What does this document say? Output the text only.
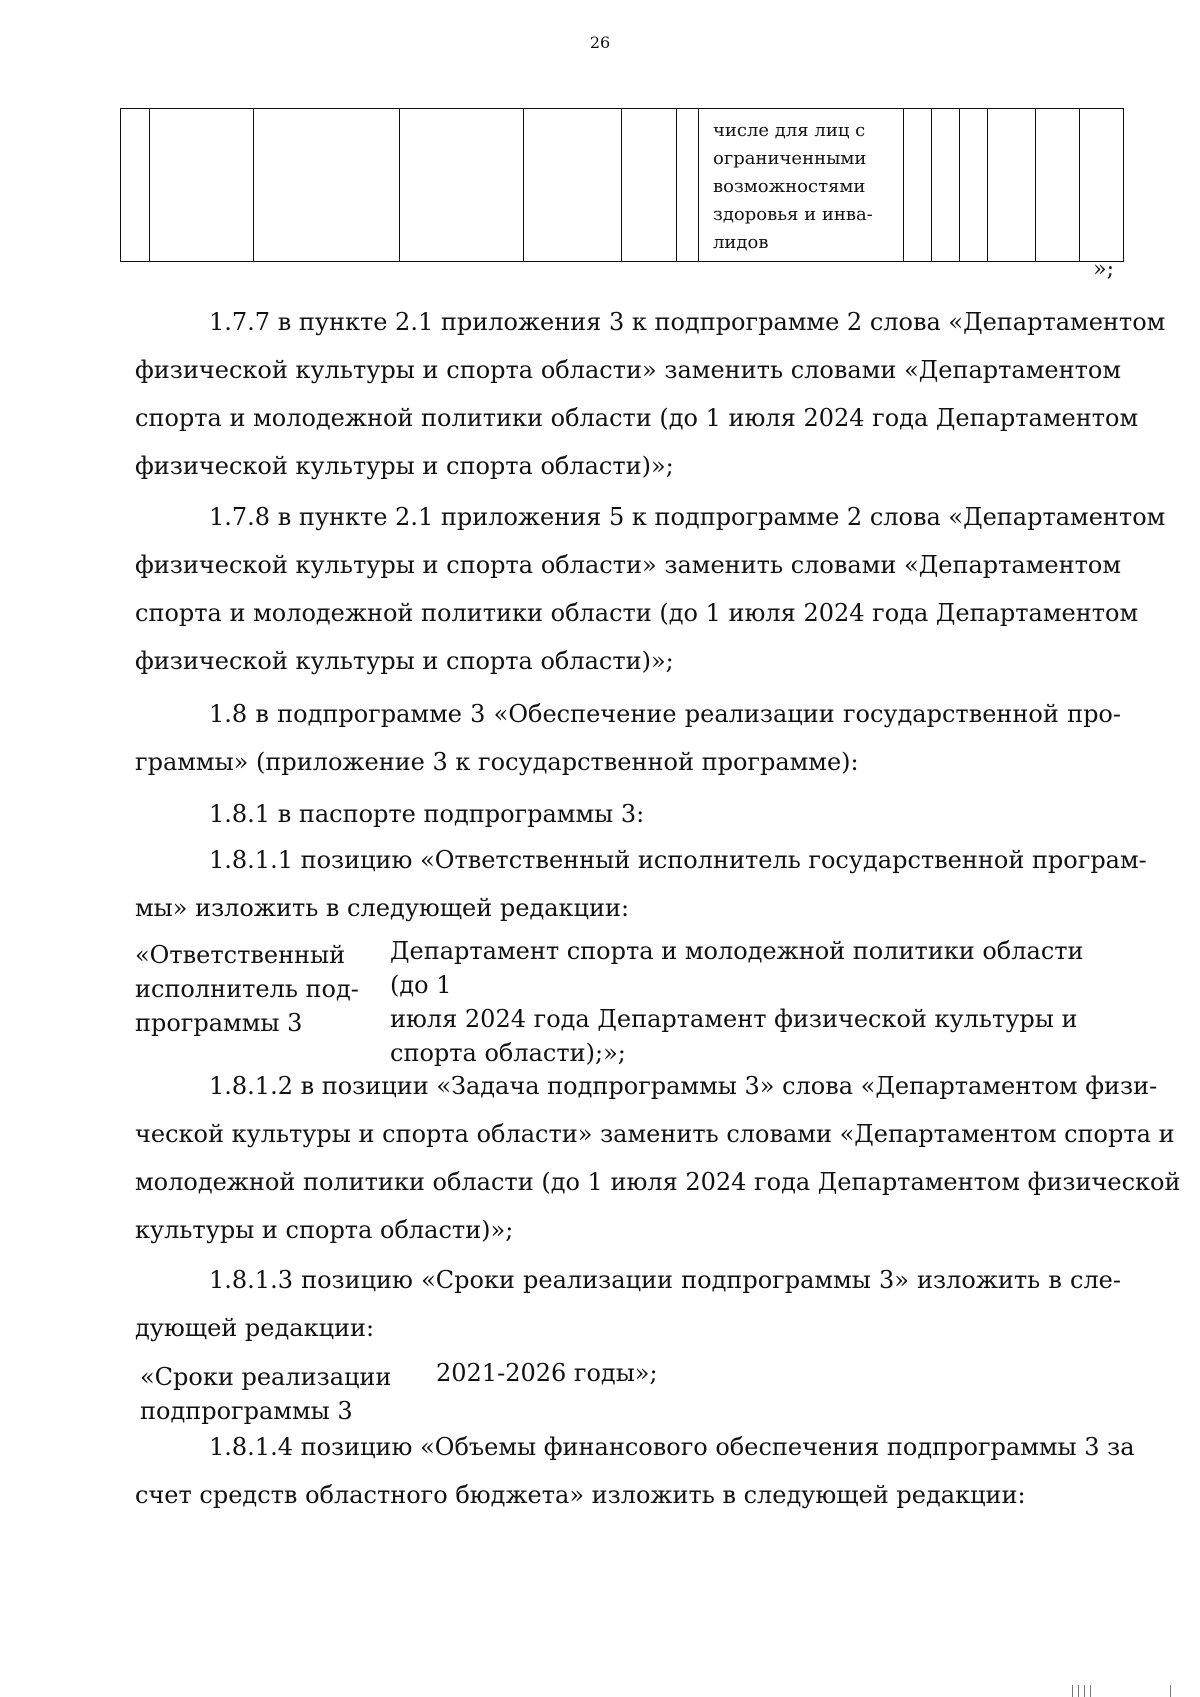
26
числе для лиц с
ограниченными
возможностями
здоровья и инва-
лидов
»;
1.7.7 в пункте 2.1 приложения 3 к подпрограмме 2 слова «Департаментом
физической культуры и спорта области» заменить словами «Департаментом
спорта и молодежной политики области (до 1 июля 2024 года Департаментом
физической культуры и спорта области)»;
1.7.8 в пункте 2.1 приложения 5 к подпрограмме 2 слова «Департаментом
физической культуры и спорта области» заменить словами «Департаментом
спорта и молодежной политики области (до 1 июля 2024 года Департаментом
физической культуры и спорта области)»;
1.8 в подпрограмме 3 «Обеспечение реализации государственной про-
граммы» (приложение 3 к государственной программе):
1.8.1 в паспорте подпрограммы 3:
1.8.1.1 позицию «Ответственный исполнитель государственной програм-
мы» изложить в следующей редакции:
«Ответственный
исполнитель под-
программы 3
Департамент спорта и молодежной политики области (до 1
июля 2024 года Департамент физической культуры и
спорта области);»;
1.8.1.2 в позиции «Задача подпрограммы 3» слова «Департаментом физи-
ческой культуры и спорта области» заменить словами «Департаментом спорта и
молодежной политики области (до 1 июля 2024 года Департаментом физической
культуры и спорта области)»;
1.8.1.3 позицию «Сроки реализации подпрограммы 3» изложить в сле-
дующей редакции:
«Сроки реализации
подпрограммы 3
2021-2026 годы»;
1.8.1.4 позицию «Объемы финансового обеспечения подпрограммы 3 за
счет средств областного бюджета» изложить в следующей редакции:
